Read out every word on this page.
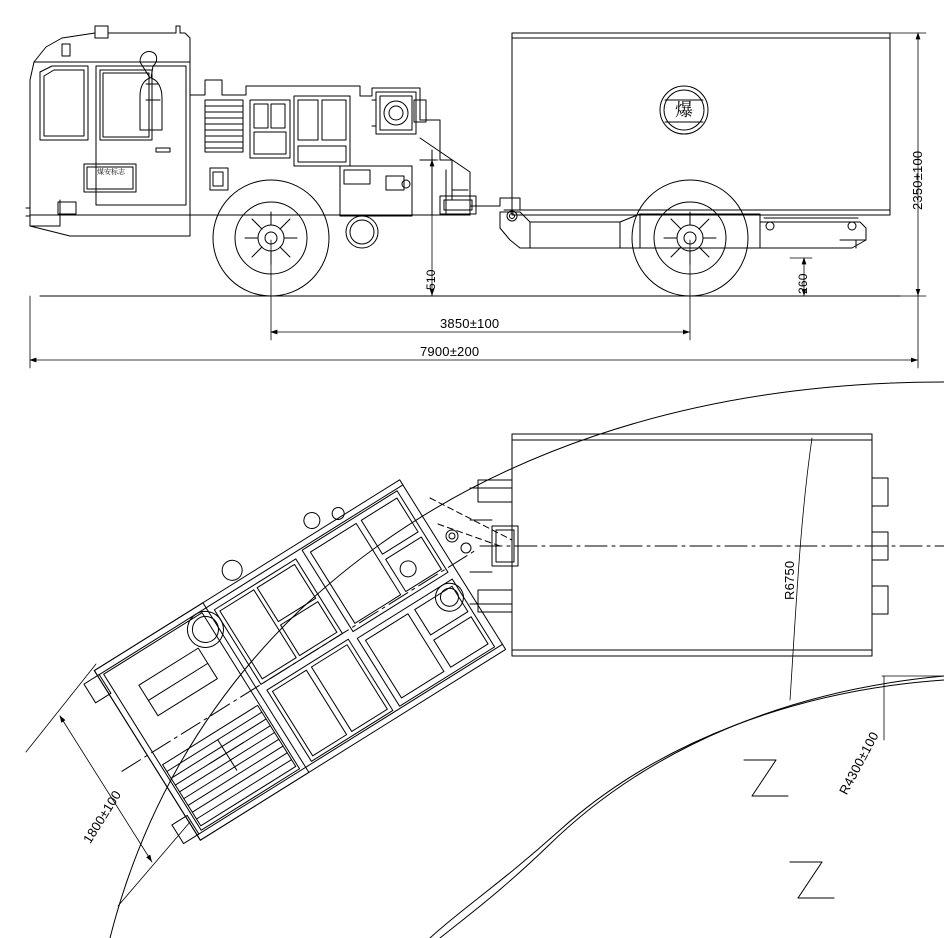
煤安标志
爆
2350±100
510	260
3850±100
7900±200
R6750
R4300±100
1800±100
